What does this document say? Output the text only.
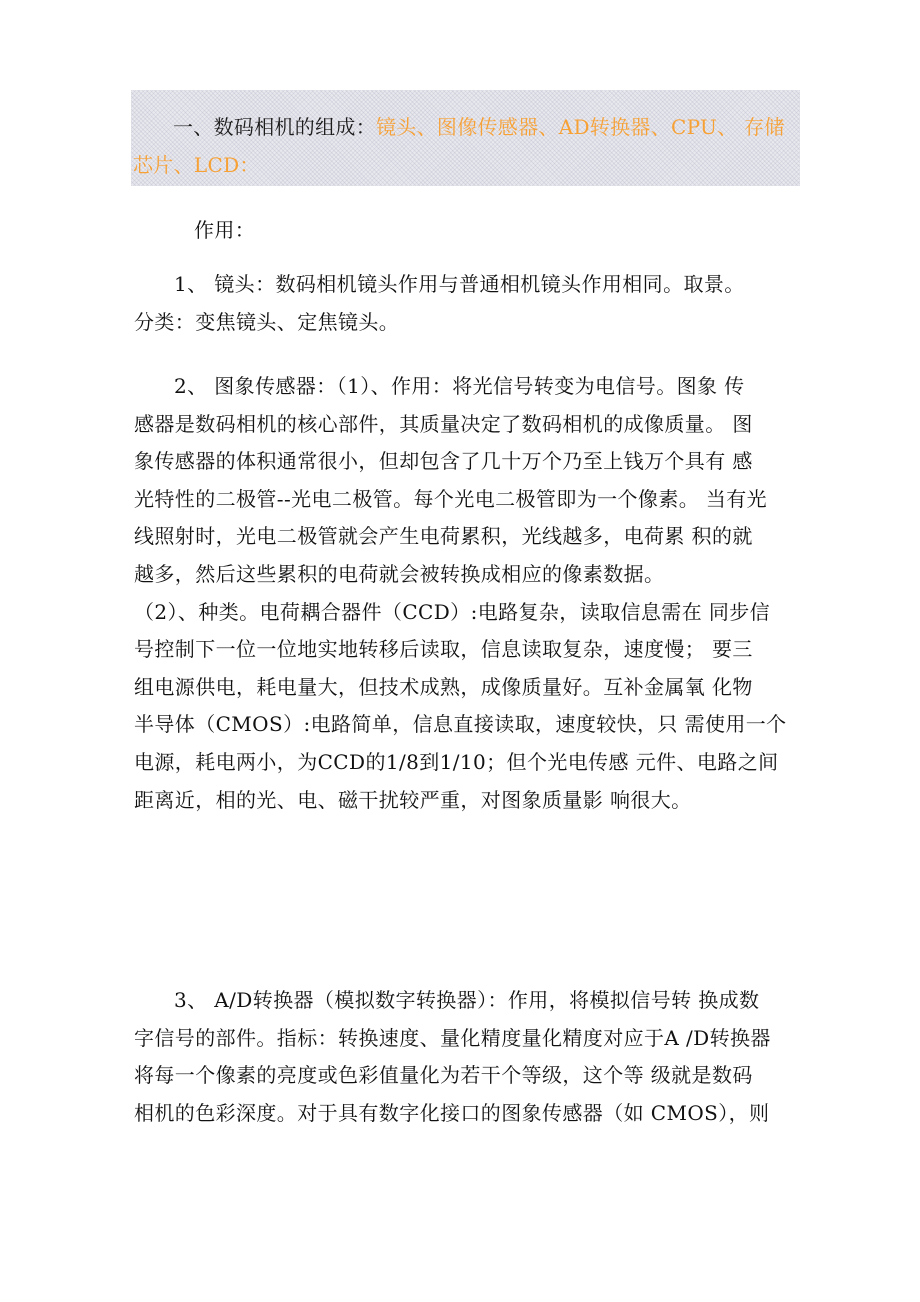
一、数码相机的组成：镜头、图像传感器、AD转换器、CPU、 存储
芯片、LCD：

作用：

1、 镜头：数码相机镜头作用与普通相机镜头作用相同。取景。
分类：变焦镜头、定焦镜头。
2、 图象传感器：（1）、作用：将光信号转变为电信号。图象 传
感器是数码相机的核心部件，其质量决定了数码相机的成像质量。 图
象传感器的体积通常很小，但却包含了几十万个乃至上钱万个具有 感
光特性的二极管--光电二极管。每个光电二极管即为一个像素。 当有光
线照射时，光电二极管就会产生电荷累积，光线越多，电荷累 积的就
越多，然后这些累积的电荷就会被转换成相应的像素数据。
（2）、种类。电荷耦合器件（CCD）:电路复杂，读取信息需在 同步信
号控制下一位一位地实地转移后读取，信息读取复杂，速度慢； 要三
组电源供电，耗电量大，但技术成熟，成像质量好。互补金属氧 化物
半导体（CMOS）:电路简单，信息直接读取，速度较快，只 需使用一个
电源，耗电两小，为CCD的1/8到1/10；但个光电传感 元件、电路之间
距离近，相的光、电、磁干扰较严重，对图象质量影 响很大。
3、 A/D转换器（模拟数字转换器）：作用，将模拟信号转 换成数
字信号的部件。指标：转换速度、量化精度量化精度对应于A /D转换器
将每一个像素的亮度或色彩值量化为若干个等级，这个等 级就是数码
相机的色彩深度。对于具有数字化接口的图象传感器（如 CMOS），则
